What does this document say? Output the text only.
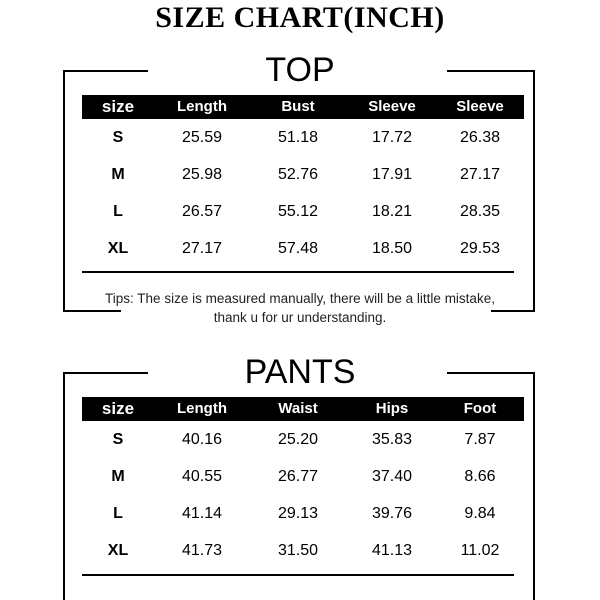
SIZE CHART(INCH)
TOP
size	Length	Bust	Sleeve	Sleeve
S	25.59	51.18	17.72	26.38
M	25.98	52.76	17.91	27.17
L	26.57	55.12	18.21	28.35
XL	27.17	57.48	18.50	29.53
Tips: The size is measured manually, there will be a little mistake, thank u for ur understanding.
PANTS
size	Length	Waist	Hips	Foot
S	40.16	25.20	35.83	7.87
M	40.55	26.77	37.40	8.66
L	41.14	29.13	39.76	9.84
XL	41.73	31.50	41.13	11.02
